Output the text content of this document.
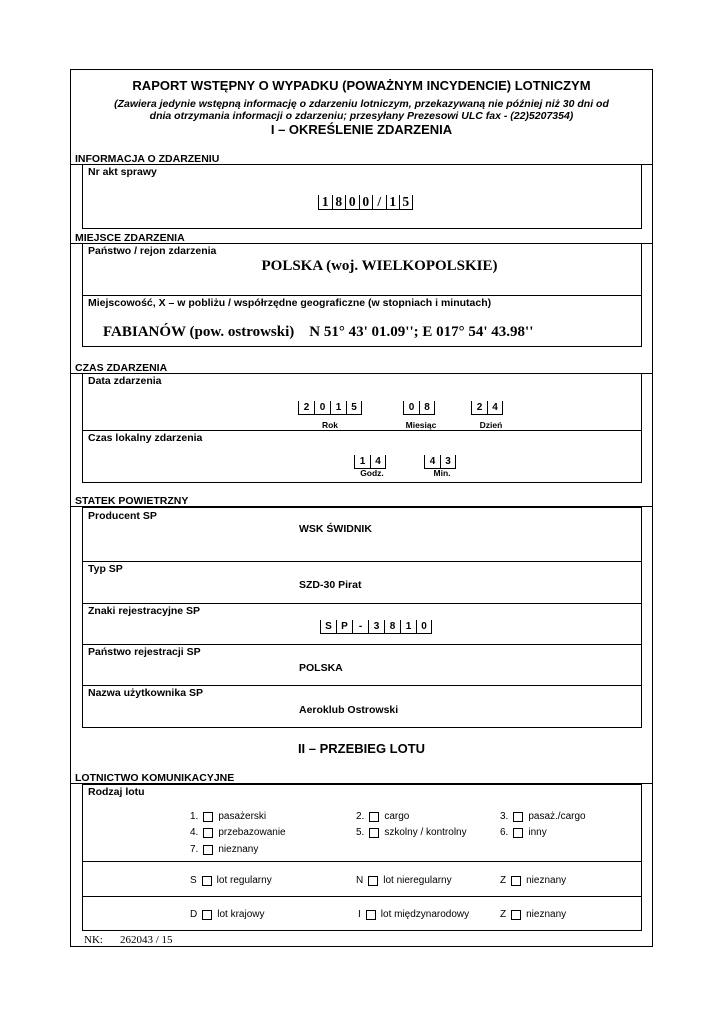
RAPORT WSTĘPNY O WYPADKU (POWAŻNYM INCYDENCIE) LOTNICZYM
(Zawiera jedynie wstępną informację o zdarzeniu lotniczym, przekazywaną nie później niż 30 dni od
dnia otrzymania informacji o zdarzeniu; przesyłany Prezesowi ULC fax - (22)5207354)
I – OKREŚLENIE ZDARZENIA
INFORMACJA O ZDARZENIU
Nr akt sprawy
1 8 0 0 / 1 5
MIEJSCE ZDARZENIA
Państwo / rejon zdarzenia
POLSKA (woj. WIELKOPOLSKIE)
Miejscowość, X – w pobliżu / współrzędne geograficzne (w stopniach i minutach)
FABIANÓW (pow. ostrowski)    N 51° 43' 01.09''; E 017° 54' 43.98''
CZAS ZDARZENIA
Data zdarzenia
2	0	1 5	0 8	2 4
Rok	Miesiąc	Dzień
Czas lokalny zdarzenia
1 4	4 3
Godz.	Min.
STATEK POWIETRZNY
Producent SP
WSK ŚWIDNIK
Typ SP
SZD-30 Pirat
Znaki rejestracyjne SP
S P	-	3	8	1 0
Państwo rejestracji SP
POLSKA
Nazwa użytkownika SP
Aeroklub Ostrowski
II – PRZEBIEG LOTU
LOTNICTWO KOMUNIKACYJNE
Rodzaj lotu
1. pasażerski	2. cargo	3. pasaż./cargo
4. przebazowanie	5. szkolny / kontrolny	6. inny
7. nieznany
S lot regularny	N lot nieregularny	Z nieznany
D lot krajowy	I lot międzynarodowy	Z nieznany
NK: 262043 / 15
